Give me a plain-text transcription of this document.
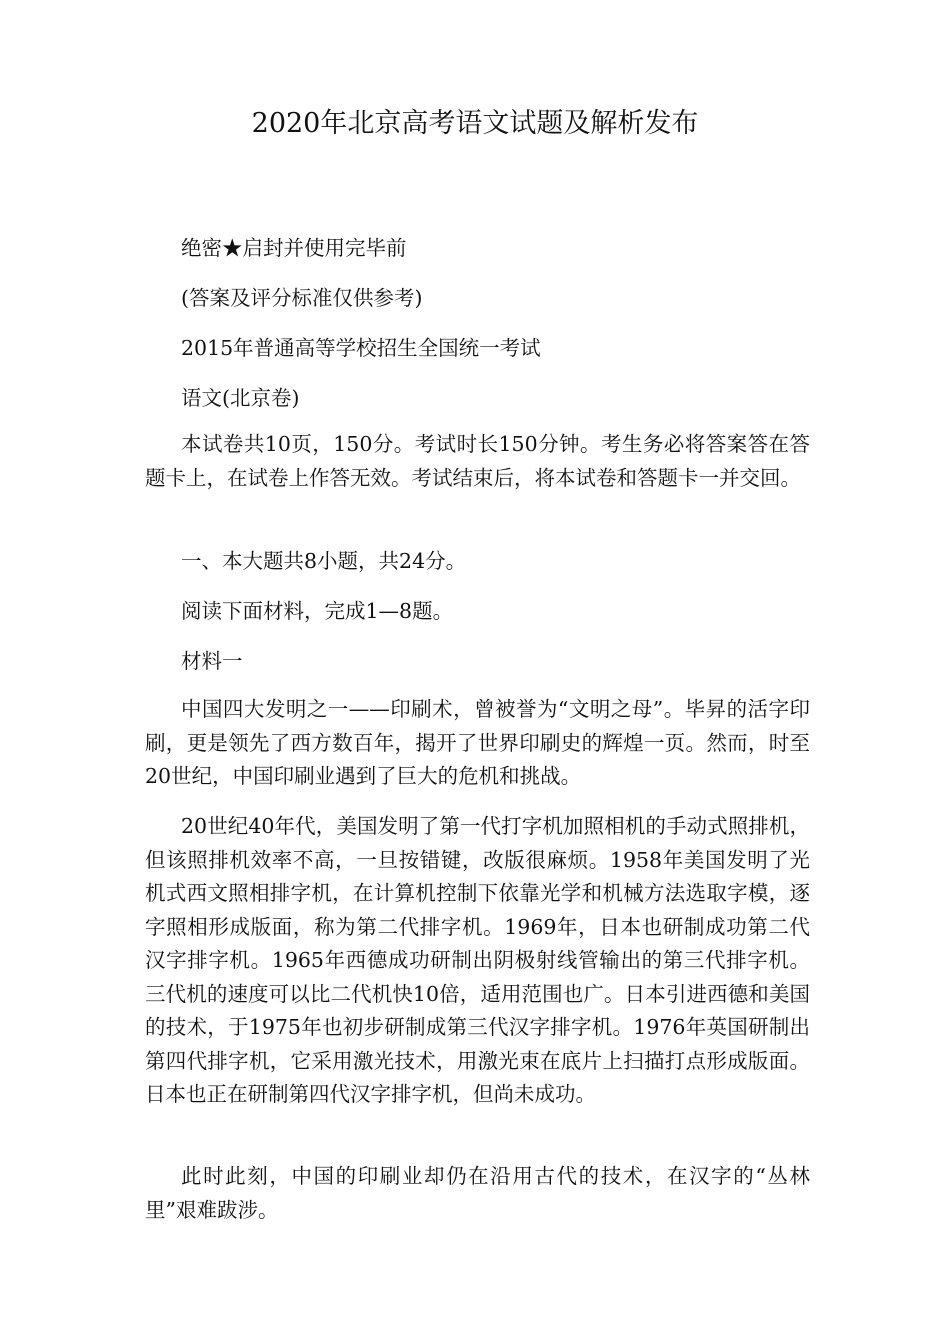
2020年北京高考语文试题及解析发布

绝密★启封并使用完毕前

(答案及评分标准仅供参考)

2015年普通高等学校招生全国统一考试

语文(北京卷)

本试卷共10页，150分。考试时长150分钟。考生务必将答案答在答题卡上，在试卷上作答无效。考试结束后，将本试卷和答题卡一并交回。

一、本大题共8小题，共24分。

阅读下面材料，完成1—8题。

材料一

中国四大发明之一——印刷术，曾被誉为“文明之母”。毕昇的活字印刷，更是领先了西方数百年，揭开了世界印刷史的辉煌一页。然而，时至20世纪，中国印刷业遇到了巨大的危机和挑战。

20世纪40年代，美国发明了第一代打字机加照相机的手动式照排机，但该照排机效率不高，一旦按错键，改版很麻烦。1958年美国发明了光机式西文照相排字机，在计算机控制下依靠光学和机械方法选取字模，逐字照相形成版面，称为第二代排字机。1969年，日本也研制成功第二代汉字排字机。1965年西德成功研制出阴极射线管输出的第三代排字机。三代机的速度可以比二代机快10倍，适用范围也广。日本引进西德和美国的技术，于1975年也初步研制成第三代汉字排字机。1976年英国研制出第四代排字机，它采用激光技术，用激光束在底片上扫描打点形成版面。日本也正在研制第四代汉字排字机，但尚未成功。

此时此刻，中国的印刷业却仍在沿用古代的技术，在汉字的“丛林里”艰难跋涉。
